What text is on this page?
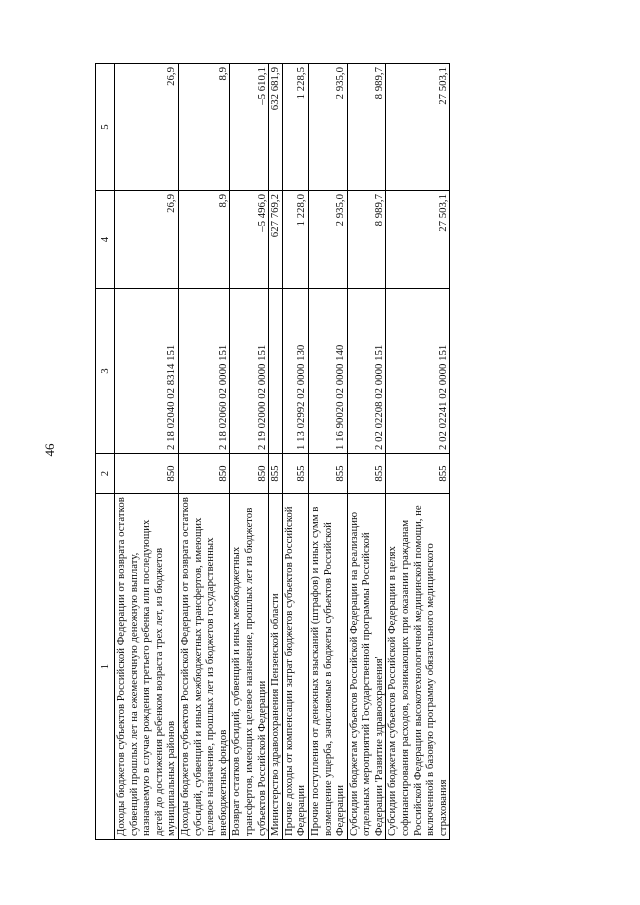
46
1	2	3	4	5
Доходы бюджетов субъектов Российской Федерации от возврата остатков субвенций прошлых лет на ежемесячную денежную выплату, назначаемую в случае рождения третьего ребенка или последующих детей до достижения ребенком возраста трех лет, из бюджетов муниципальных районов	850	2 18 02040 02 8314 151	26,9	26,9
Доходы бюджетов субъектов Российской Федерации от возврата остатков субсидий, субвенций и иных межбюджетных трансфертов, имеющих целевое назначение, прошлых лет из бюджетов государственных внебюджетных фондов	850	2 18 02060 02 0000 151	8,9	8,9
Возврат остатков субсидий, субвенций и иных межбюджетных трансфертов, имеющих целевое назначение, прошлых лет из бюджетов субъектов Российской Федерации	850	2 19 02000 02 0000 151	–5 496,0	–5 610,1
Министерство здравоохранения Пензенской области	855		627 769,2	632 681,9
Прочие доходы от компенсации затрат бюджетов субъектов Российской Федерации	855	1 13 02992 02 0000 130	1 228,0	1 228,5
Прочие поступления от денежных взысканий (штрафов) и иных сумм в возмещение ущерба, зачисляемые в бюджеты субъектов Российской Федерации	855	1 16 90020 02 0000 140	2 935,0	2 935,0
Субсидии бюджетам субъектов Российской Федерации на реализацию отдельных мероприятий Государственной программы Российской Федерации 'Развитие здравоохранения'	855	2 02 02208 02 0000 151	8 989,7	8 989,7
Субсидии бюджетам субъектов Российской Федерации в целях софинансирования расходов, возникающих при оказании гражданам Российской Федерации высокотехнологичной медицинской помощи, не включенной в базовую программу обязательного медицинского страхования	855	2 02 02241 02 0000 151	27 503,1	27 503,1
